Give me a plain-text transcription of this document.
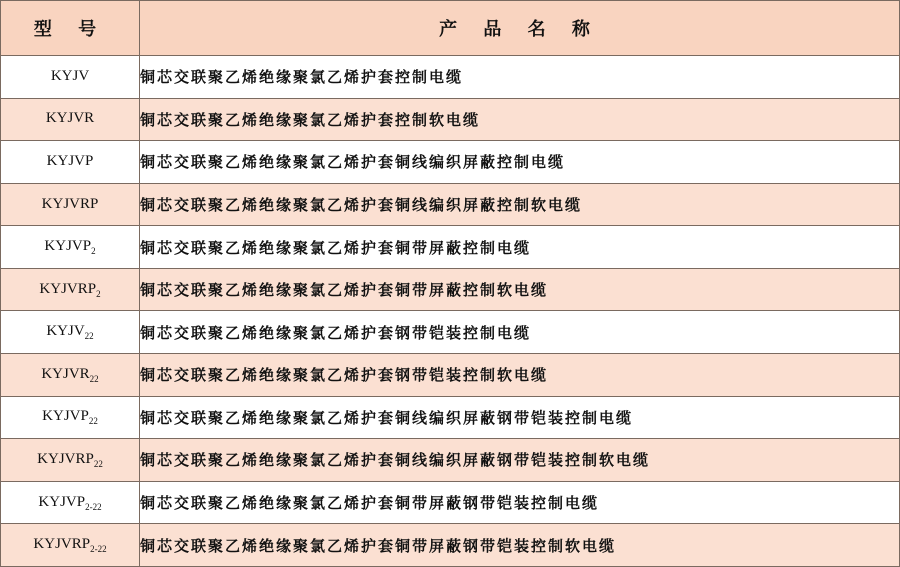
型 号	产 品 名 称
KYJV	铜芯交联聚乙烯绝缘聚氯乙烯护套控制电缆
KYJVR	铜芯交联聚乙烯绝缘聚氯乙烯护套控制软电缆
KYJVP	铜芯交联聚乙烯绝缘聚氯乙烯护套铜线编织屏蔽控制电缆
KYJVRP	铜芯交联聚乙烯绝缘聚氯乙烯护套铜线编织屏蔽控制软电缆
$KYJVP_2$	铜芯交联聚乙烯绝缘聚氯乙烯护套铜带屏蔽控制电缆
$KYJVRP_2$	铜芯交联聚乙烯绝缘聚氯乙烯护套铜带屏蔽控制软电缆
$KYJV_{22}$	铜芯交联聚乙烯绝缘聚氯乙烯护套钢带铠装控制电缆
$KYJVR_{22}$	铜芯交联聚乙烯绝缘聚氯乙烯护套钢带铠装控制软电缆
$KYJVP_{22}$	铜芯交联聚乙烯绝缘聚氯乙烯护套铜线编织屏蔽钢带铠装控制电缆
$KYJVRP_{22}$	铜芯交联聚乙烯绝缘聚氯乙烯护套铜线编织屏蔽钢带铠装控制软电缆
$KYJVP_{2-22}$	铜芯交联聚乙烯绝缘聚氯乙烯护套铜带屏蔽钢带铠装控制电缆
$KYJVRP_{2-22}$	铜芯交联聚乙烯绝缘聚氯乙烯护套铜带屏蔽钢带铠装控制软电缆
